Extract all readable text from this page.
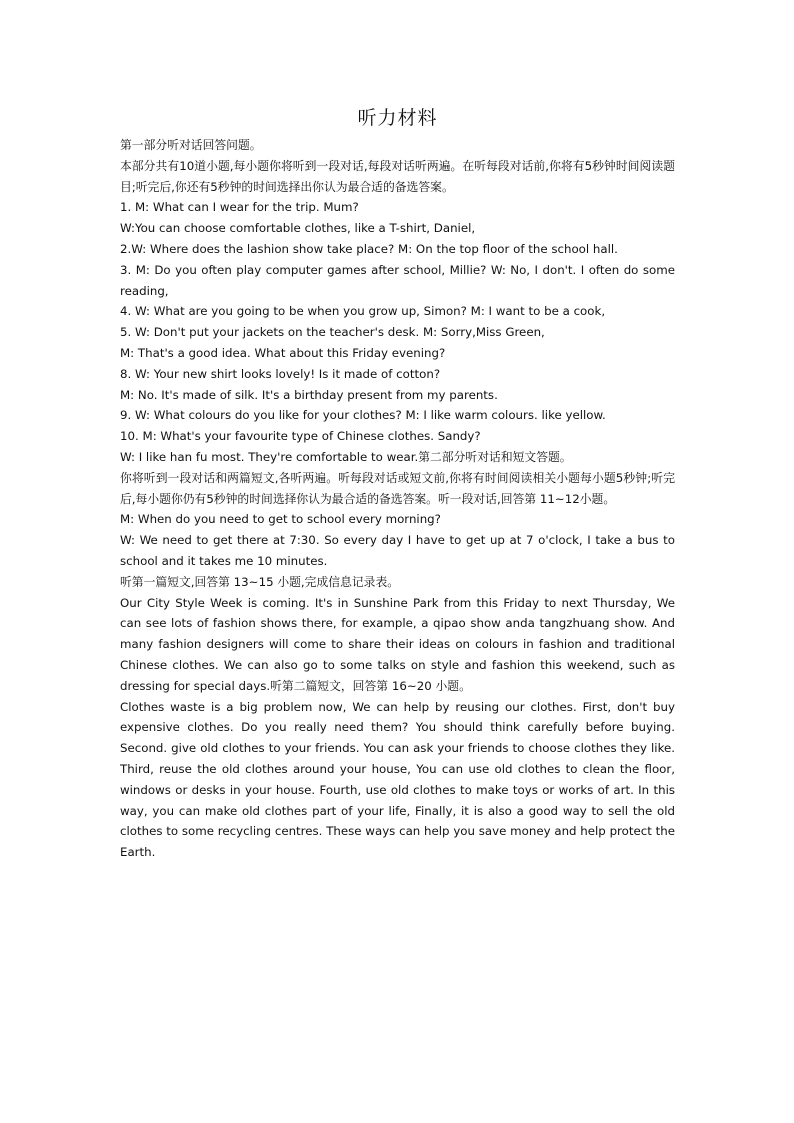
听力材料

第一部分听对话回答问题。

本部分共有10道小题,每小题你将听到一段对话,每段对话听两遍。在听每段对话前,你将有5秒钟时间阅读题目;听完后,你还有5秒钟的时间选择出你认为最合适的备选答案。

1. M: What can I wear for the trip. Mum?

W:You can choose comfortable clothes, like a T-shirt, Daniel,

2.W: Where does the lashion show take place? M: On the top floor of the school hall.

3. M: Do you often play computer games after school, Millie? W: No, I don't. I often do some reading,

4. W: What are you going to be when you grow up, Simon? M: I want to be a cook,

5. W: Don't put your jackets on the teacher's desk. M: Sorry,Miss Green,

M: That's a good idea. What about this Friday evening?

8. W: Your new shirt looks lovely! Is it made of cotton?

M: No. It's made of silk. It's a birthday present from my parents.

9. W: What colours do you like for your clothes? M: I like warm colours. like yellow.

10. M: What's your favourite type of Chinese clothes. Sandy?

W: I like han fu most. They're comfortable to wear.第二部分听对话和短文答题。

你将听到一段对话和两篇短文,各听两遍。听每段对话或短文前,你将有时间阅读相关小题每小题5秒钟;听完后,每小题你仍有5秒钟的时间选择你认为最合适的备选答案。听一段对话,回答第 11~12小题。

M: When do you need to get to school every morning?

W: We need to get there at 7:30. So every day I have to get up at 7 o'clock, I take a bus to school and it takes me 10 minutes.

听第一篇短文,回答第 13~15 小题,完成信息记录表。

Our City Style Week is coming. It's in Sunshine Park from this Friday to next Thursday, We can see lots of fashion shows there, for example, a qipao show anda tangzhuang show. And many fashion designers will come to share their ideas on colours in fashion and traditional Chinese clothes. We can also go to some talks on style and fashion this weekend, such as dressing for special days.听第二篇短文，回答第 16~20 小题。

Clothes waste is a big problem now, We can help by reusing our clothes. First, don't buy expensive clothes. Do you really need them? You should think carefully before buying. Second. give old clothes to your friends. You can ask your friends to choose clothes they like. Third, reuse the old clothes around your house, You can use old clothes to clean the floor, windows or desks in your house. Fourth, use old clothes to make toys or works of art. In this way, you can make old clothes part of your life, Finally, it is also a good way to sell the old clothes to some recycling centres. These ways can help you save money and help protect the Earth.
